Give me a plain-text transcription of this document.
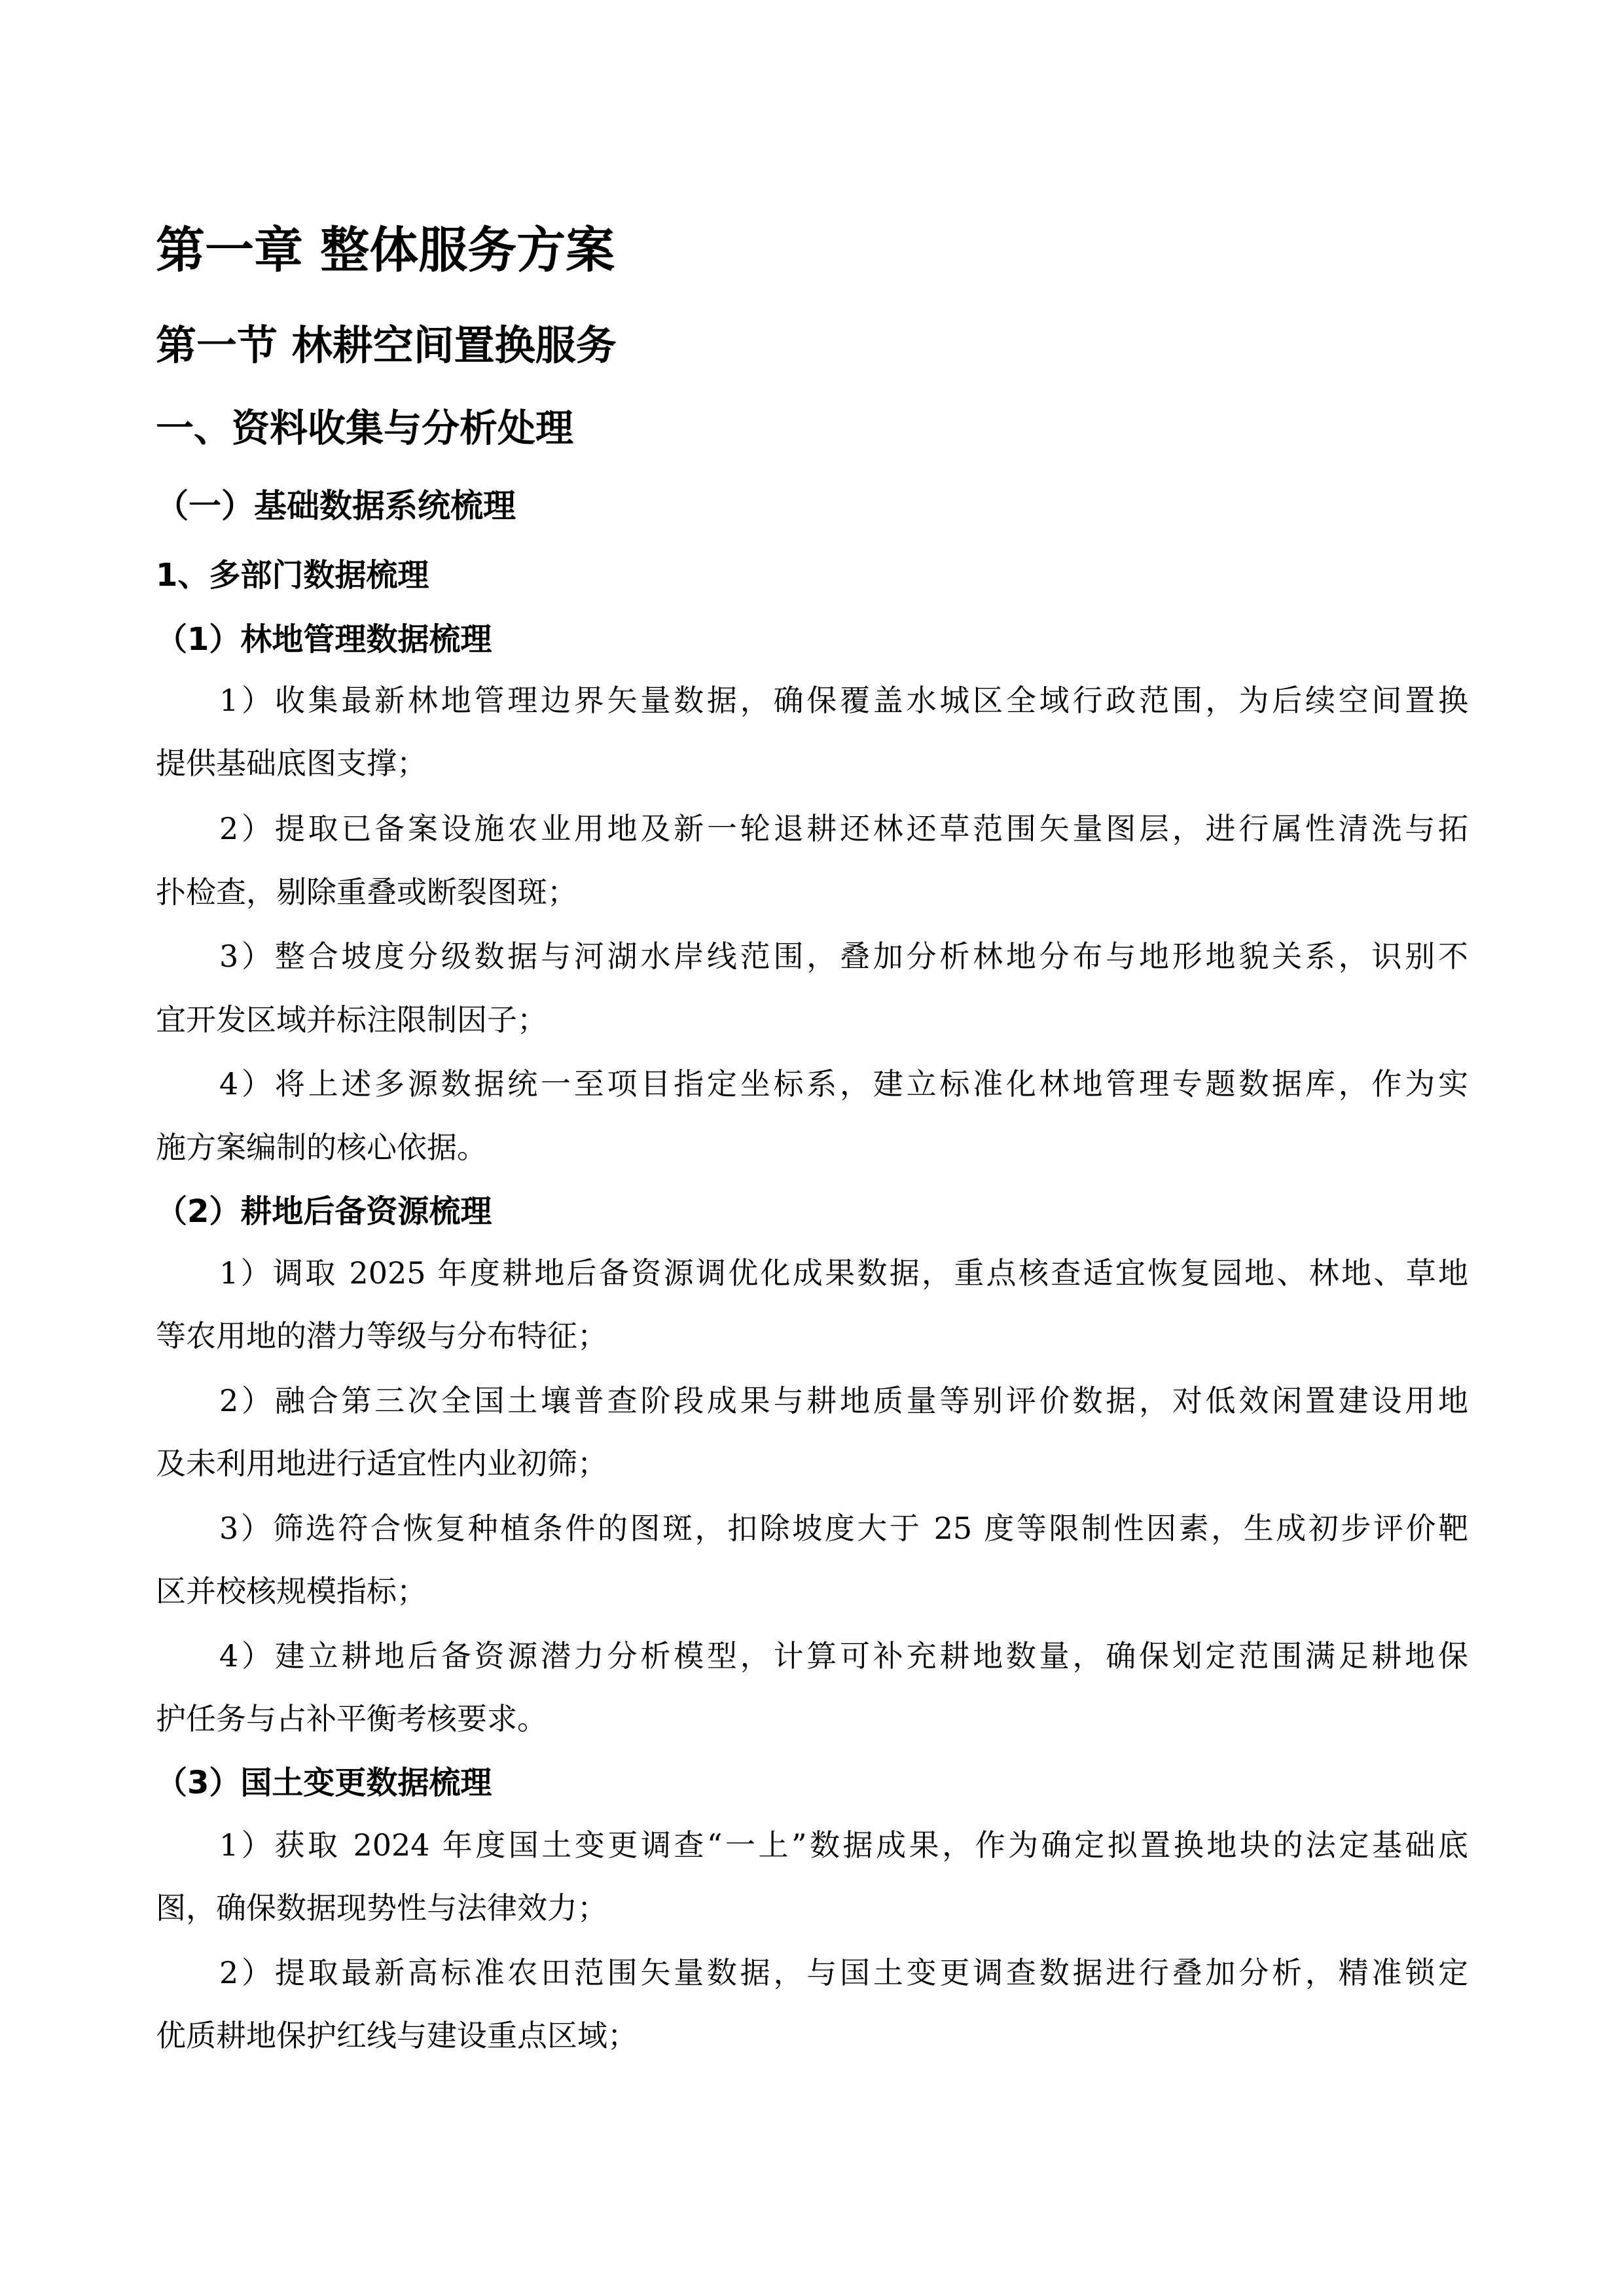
第一章 整体服务方案
第一节 林耕空间置换服务
一、资料收集与分析处理
（一）基础数据系统梳理
1、多部门数据梳理
（1）林地管理数据梳理
1）收集最新林地管理边界矢量数据，确保覆盖水城区全域行政范围，为后续空间置换
提供基础底图支撑；
2）提取已备案设施农业用地及新一轮退耕还林还草范围矢量图层，进行属性清洗与拓
扑检查，剔除重叠或断裂图斑；
3）整合坡度分级数据与河湖水岸线范围，叠加分析林地分布与地形地貌关系，识别不
宜开发区域并标注限制因子；
4）将上述多源数据统一至项目指定坐标系，建立标准化林地管理专题数据库，作为实
施方案编制的核心依据。
（2）耕地后备资源梳理
1）调取 2025 年度耕地后备资源调优化成果数据，重点核查适宜恢复园地、林地、草地
等农用地的潜力等级与分布特征；
2）融合第三次全国土壤普查阶段成果与耕地质量等别评价数据，对低效闲置建设用地
及未利用地进行适宜性内业初筛；
3）筛选符合恢复种植条件的图斑，扣除坡度大于 25 度等限制性因素，生成初步评价靶
区并校核规模指标；
4）建立耕地后备资源潜力分析模型，计算可补充耕地数量，确保划定范围满足耕地保
护任务与占补平衡考核要求。
（3）国土变更数据梳理
1）获取 2024 年度国土变更调查“一上”数据成果，作为确定拟置换地块的法定基础底
图，确保数据现势性与法律效力；
2）提取最新高标准农田范围矢量数据，与国土变更调查数据进行叠加分析，精准锁定
优质耕地保护红线与建设重点区域；
